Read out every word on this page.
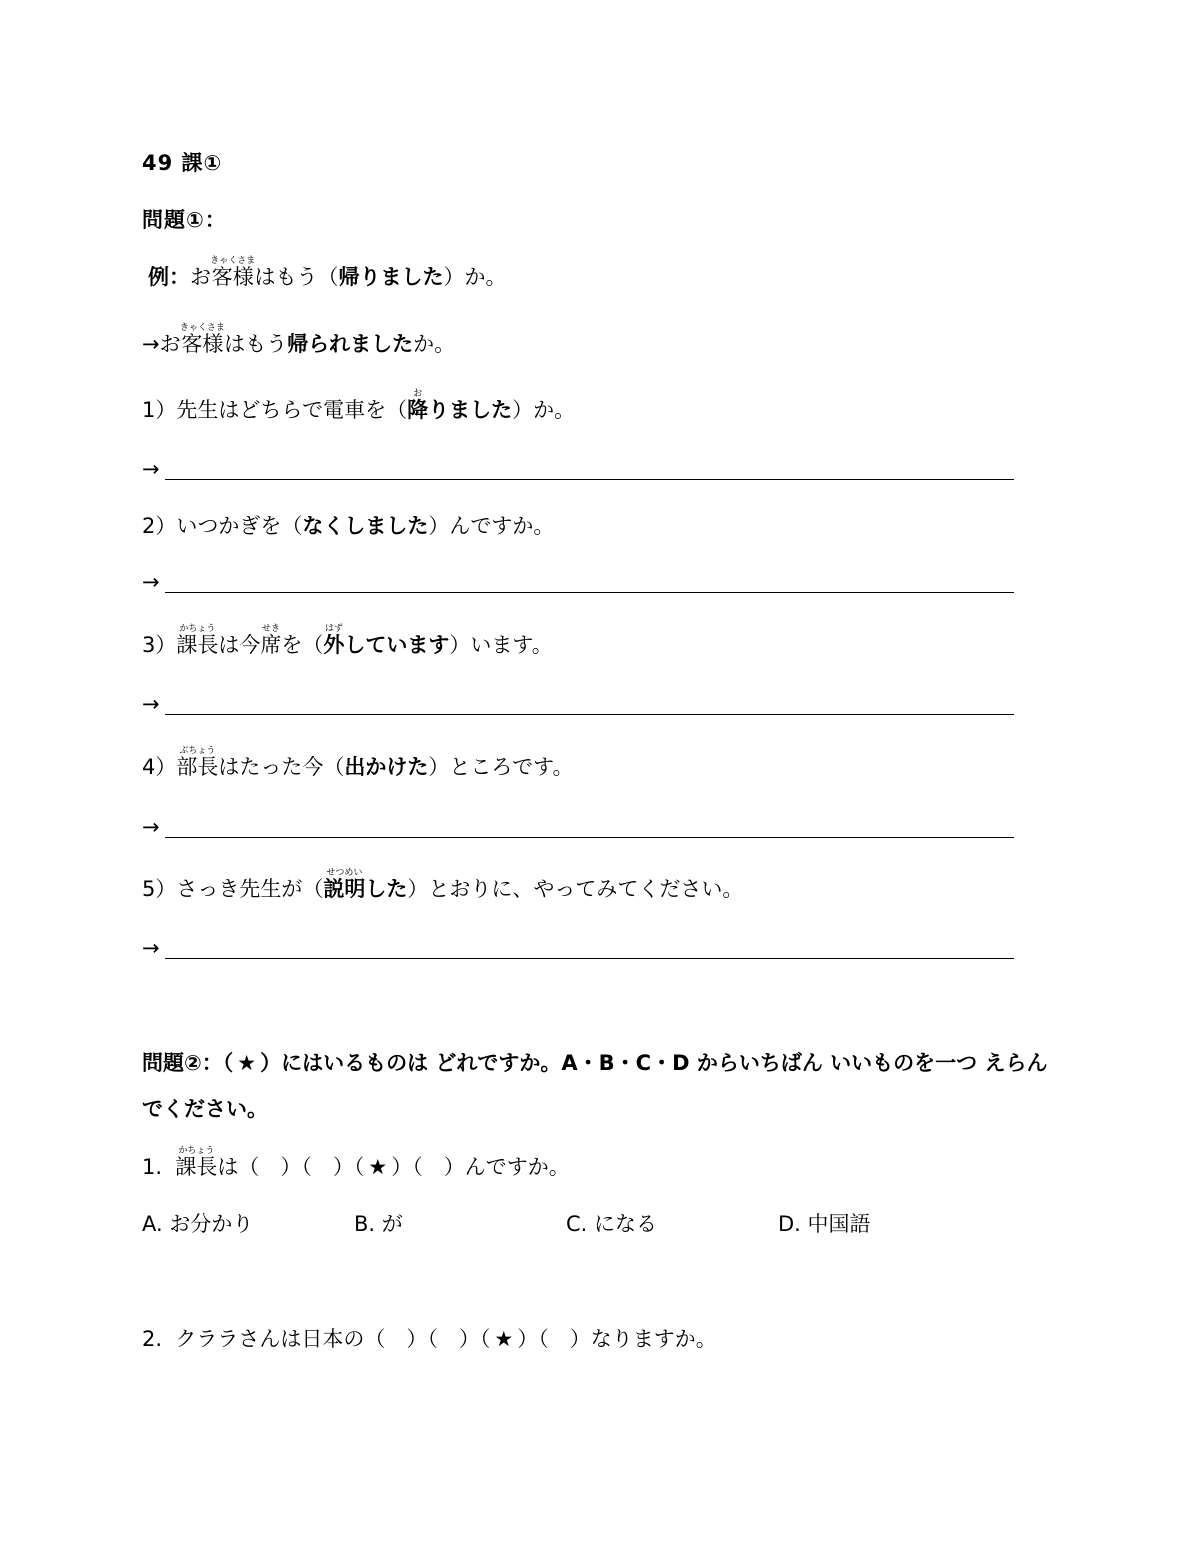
49 課①
問題①：
例：お客様きゃくさまはもう（帰りました）か。
→お客様きゃくさまはもう帰られましたか。
1）先生はどちらで電車を（降おりました）か。
→
2）いつかぎを（なくしました）んですか。
→
3）課長かちょうは今席せきを（外はずしています）います。
→
4）部長ぶちょうはたった今（出かけた）ところです。
→
5）さっき先生が（説明せつめいした）とおりに、やってみてください。
→
問題②：（ ★ ）にはいるものは どれですか。A・B・C・D からいちばん いいものを一つ えらんでください。
1. 課長かちょうは（　）（　）（ ★ ）（　）んですか。
A. お分かり	B. が	C. になる	D. 中国語
2. クララさんは日本の（　）（　）（ ★ ）（　）なりますか。
